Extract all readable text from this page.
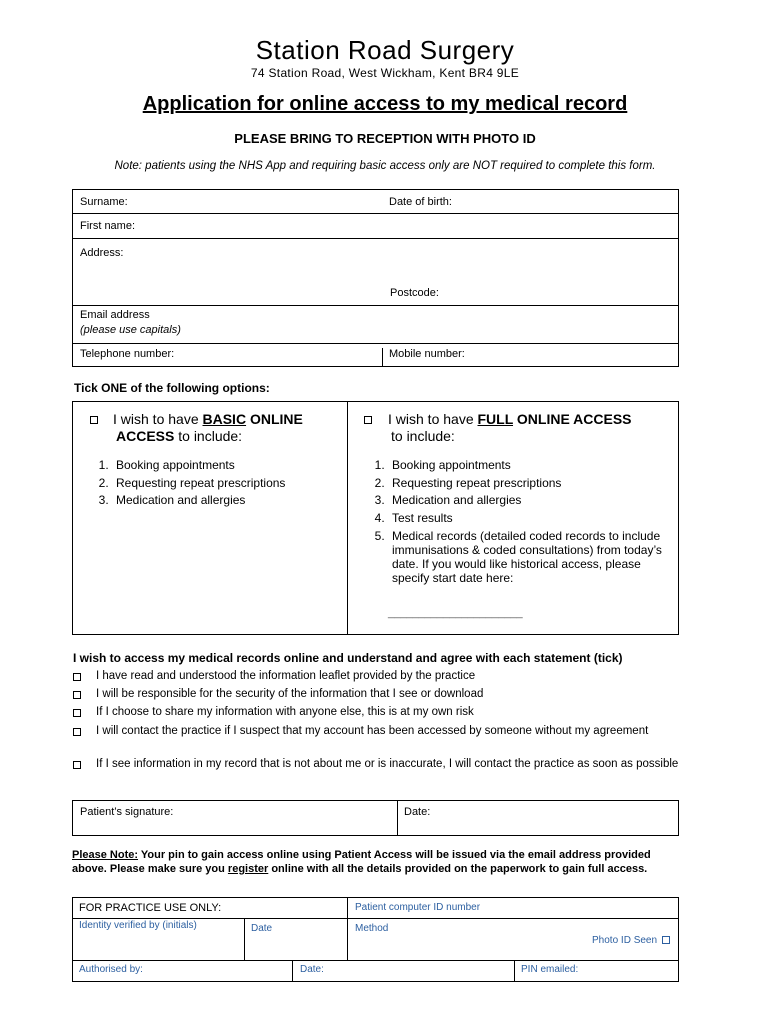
Station Road Surgery
74 Station Road, West Wickham, Kent BR4 9LE
Application for online access to my medical record
PLEASE BRING TO RECEPTION WITH PHOTO ID
Note: patients using the NHS App and requiring basic access only are NOT required to complete this form.
Surname:	Date of birth:
First name:
Address:
Postcode:
Email address
(please use capitals)
Telephone number:	Mobile number:
Tick ONE of the following options:
I wish to have BASIC ONLINE
ACCESS to include:
1. Booking appointments
2. Requesting repeat prescriptions
3. Medication and allergies
I wish to have FULL ONLINE ACCESS
to include:
1. Booking appointments
2. Requesting repeat prescriptions
3. Medication and allergies
4. Test results
5. Medical records (detailed coded records to include immunisations & coded consultations) from today’s date. If you would like historical access, please specify start date here:
______________________
I wish to access my medical records online and understand and agree with each statement (tick)
I have read and understood the information leaflet provided by the practice
I will be responsible for the security of the information that I see or download
If I choose to share my information with anyone else, this is at my own risk
I will contact the practice if I suspect that my account has been accessed by someone without my agreement
If I see information in my record that is not about me or is inaccurate, I will contact the practice as soon as possible
Patient’s signature:	Date:
Please Note: Your pin to gain access online using Patient Access will be issued via the email address provided above. Please make sure you register online with all the details provided on the paperwork to gain full access.
FOR PRACTICE USE ONLY:	Patient computer ID number
Identity verified by (initials)	Date	Method
Photo ID Seen
Authorised by:	Date:	PIN emailed:
